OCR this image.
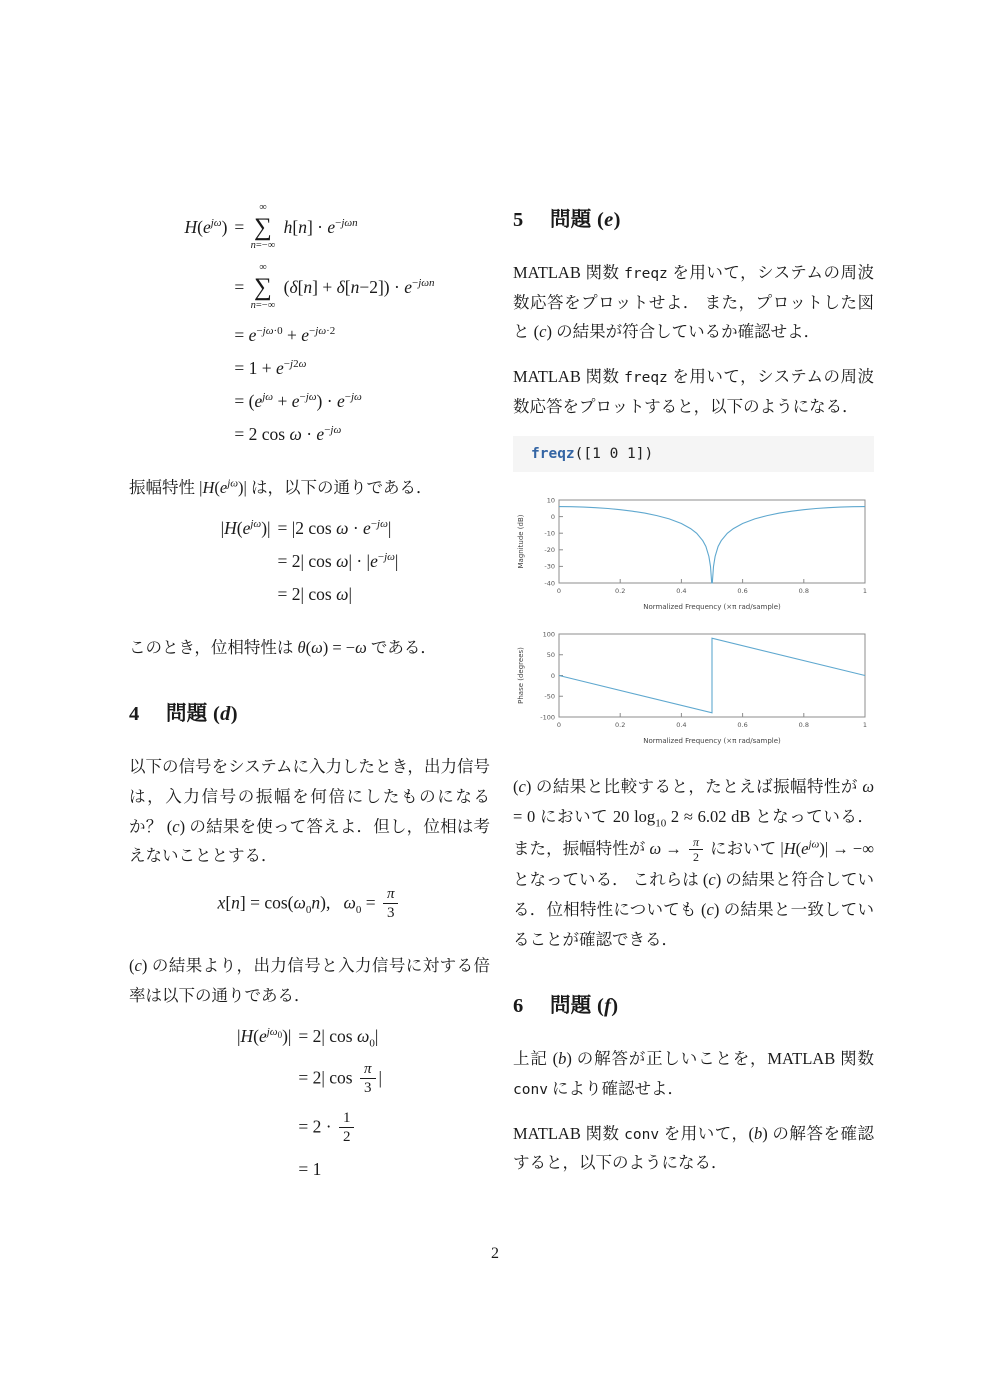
$H(e^{j\omega})$ =
∞
∑
n=−∞
$h[n] \cdot e^{-j\omega n}$
=
∞
∑
n=−∞
$(\delta[n] + \delta[n-2]) \cdot e^{-j\omega n}$
= $e^{-j\omega\cdot 0} + e^{-j\omega\cdot 2}$
= $1 + e^{-j2\omega}$
= $(e^{j\omega} + e^{-j\omega}) \cdot e^{-j\omega}$
= 2 $\cos \omega \cdot e^{-j\omega}$

振幅特性 $|H(e^{j\omega})|$ は，以下の通りである．

$|H(e^{j\omega})| = |2$ $\cos \omega \cdot e^{-j\omega}|$
= 2| $\cos \omega| \cdot |e^{-j\omega}|$
= 2| cos ω|

このとき，位相特性は θ(ω) = −ω である．

4 問題 (d)

以下の信号をシステムに入力したとき，出力信号は，入力信号の振幅を何倍にしたものになるか？ (c) の結果を使って答えよ．但し，位相は考えないこととする．

$x[n] = \cos(\omega_0n)$,   $\omega_0 = \frac{\pi}{3}$

(c) の結果より，出力信号と入力信号に対する倍率は以下の通りである．

$|H(e^{j\omega_0})| = 2|$ $\cos \omega_0|$
= 2| $\cos \frac{\pi}{3}$ |
= $2 \cdot \frac{1}{2}$
= 1
5 問題 (e)

MATLAB 関数 freqz を用いて，システムの周波数応答をプロットせよ． また，プロットした図と (c) の結果が符合しているか確認せよ．

MATLAB 関数 freqz を用いて，システムの周波数応答をプロットすると，以下のようになる．

freqz([1 0 1])
0	0.2	0.4	0.6	0.8	1
10
0
-10
-20
-30
-40
Normalized Frequency (×π rad/sample)
Magnitude (dB)
0	0.2	0.4	0.6	0.8	1
100
50
0
-50
-100
Normalized Frequency (×π rad/sample)
Phase (degrees)

(c) の結果と比較すると，たとえば振幅特性が ω = 0 において 20 $\log_{10} 2 \approx 6.02$ dB となっている． また，振幅特性が $\omega \to \frac{\pi}{2}$ において $|H(e^{j\omega})|$ → −∞ となっている． これらは (c) の結果と符合している．位相特性についても (c) の結果と一致していることが確認できる．

6 問題 (f)

上記 (b) の解答が正しいことを，MATLAB 関数 conv により確認せよ．

MATLAB 関数 conv を用いて，(b) の解答を確認すると，以下のようになる．

2
